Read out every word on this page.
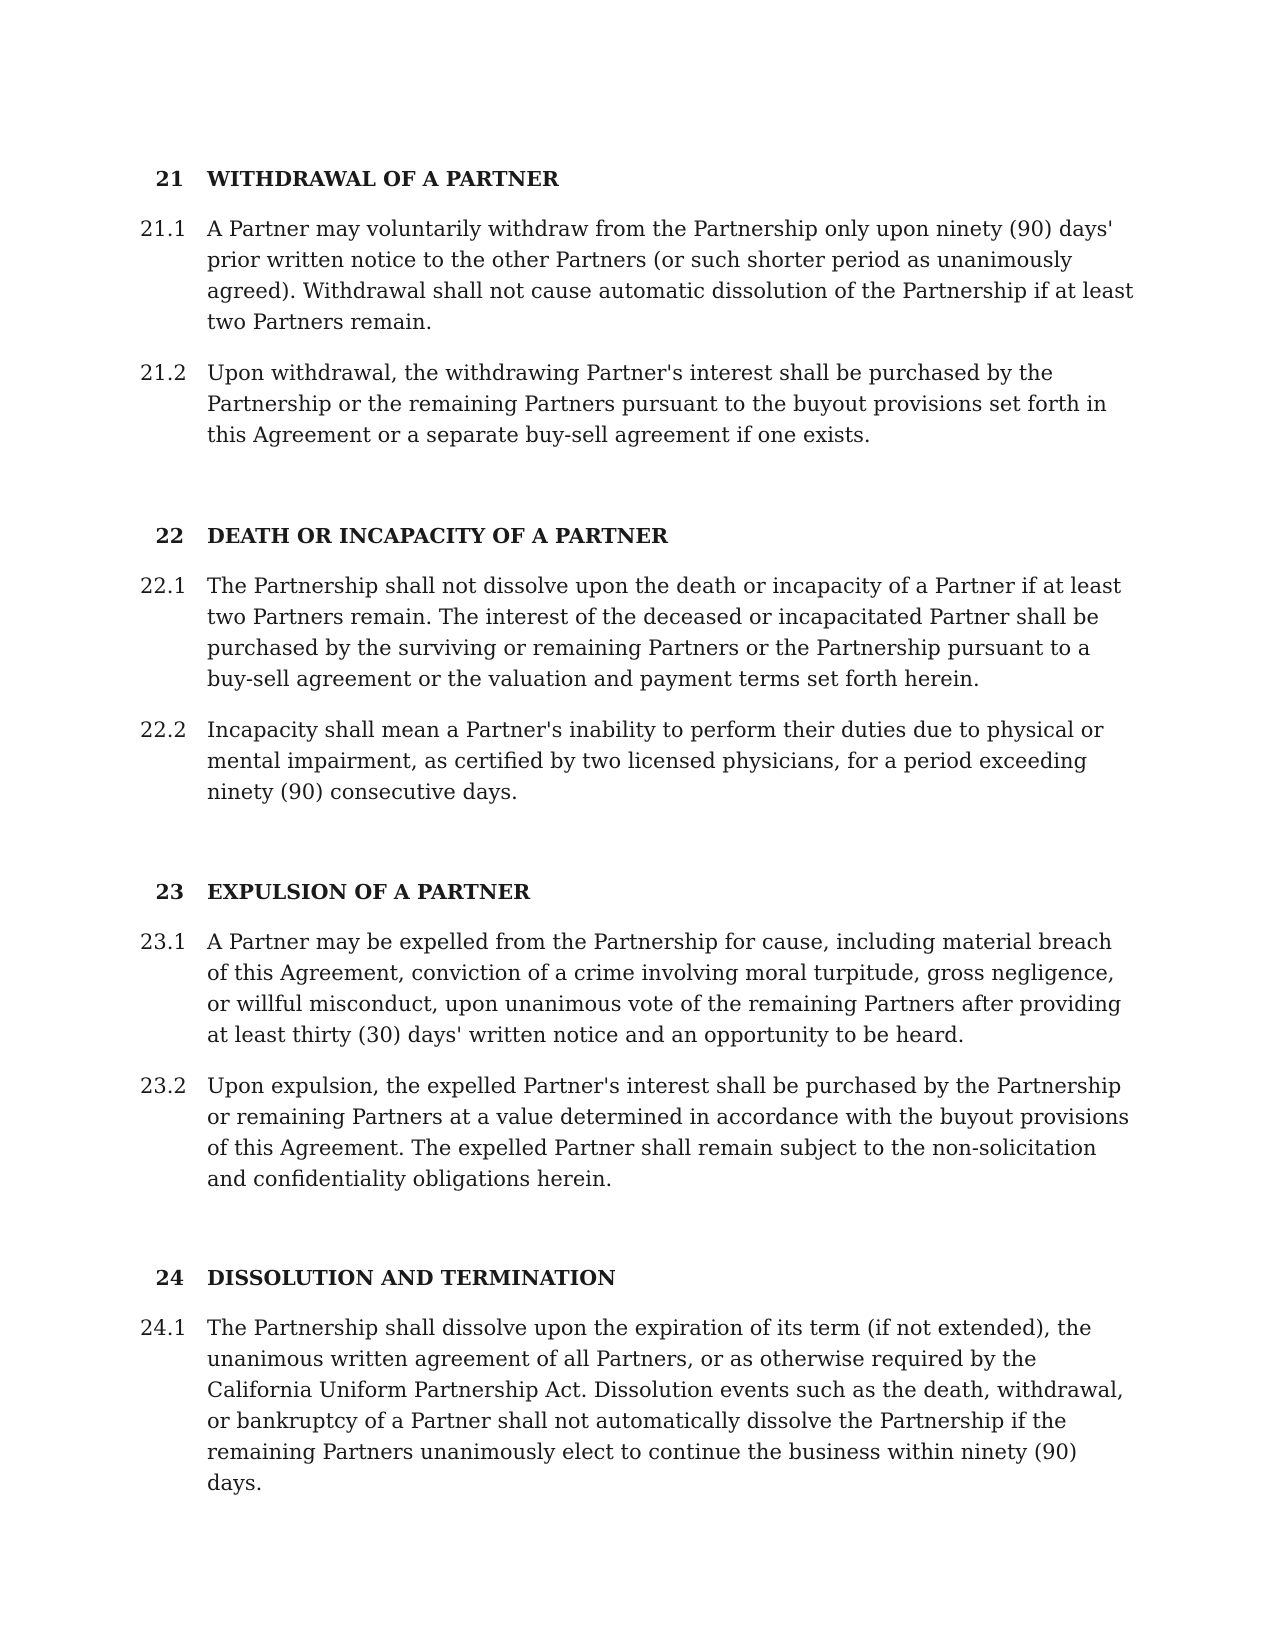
21 WITHDRAWAL OF A PARTNER
21.1 A Partner may voluntarily withdraw from the Partnership only upon ninety (90) days' prior written notice to the other Partners (or such shorter period as unanimously agreed). Withdrawal shall not cause automatic dissolution of the Partnership if at least two Partners remain.
21.2 Upon withdrawal, the withdrawing Partner's interest shall be purchased by the Partnership or the remaining Partners pursuant to the buyout provisions set forth in this Agreement or a separate buy-sell agreement if one exists.
22 DEATH OR INCAPACITY OF A PARTNER
22.1 The Partnership shall not dissolve upon the death or incapacity of a Partner if at least two Partners remain. The interest of the deceased or incapacitated Partner shall be purchased by the surviving or remaining Partners or the Partnership pursuant to a buy-sell agreement or the valuation and payment terms set forth herein.
22.2 Incapacity shall mean a Partner's inability to perform their duties due to physical or mental impairment, as certified by two licensed physicians, for a period exceeding ninety (90) consecutive days.
23 EXPULSION OF A PARTNER
23.1 A Partner may be expelled from the Partnership for cause, including material breach of this Agreement, conviction of a crime involving moral turpitude, gross negligence, or willful misconduct, upon unanimous vote of the remaining Partners after providing at least thirty (30) days' written notice and an opportunity to be heard.
23.2 Upon expulsion, the expelled Partner's interest shall be purchased by the Partnership or remaining Partners at a value determined in accordance with the buyout provisions of this Agreement. The expelled Partner shall remain subject to the non-solicitation and confidentiality obligations herein.
24 DISSOLUTION AND TERMINATION
24.1 The Partnership shall dissolve upon the expiration of its term (if not extended), the unanimous written agreement of all Partners, or as otherwise required by the California Uniform Partnership Act. Dissolution events such as the death, withdrawal, or bankruptcy of a Partner shall not automatically dissolve the Partnership if the remaining Partners unanimously elect to continue the business within ninety (90) days.
